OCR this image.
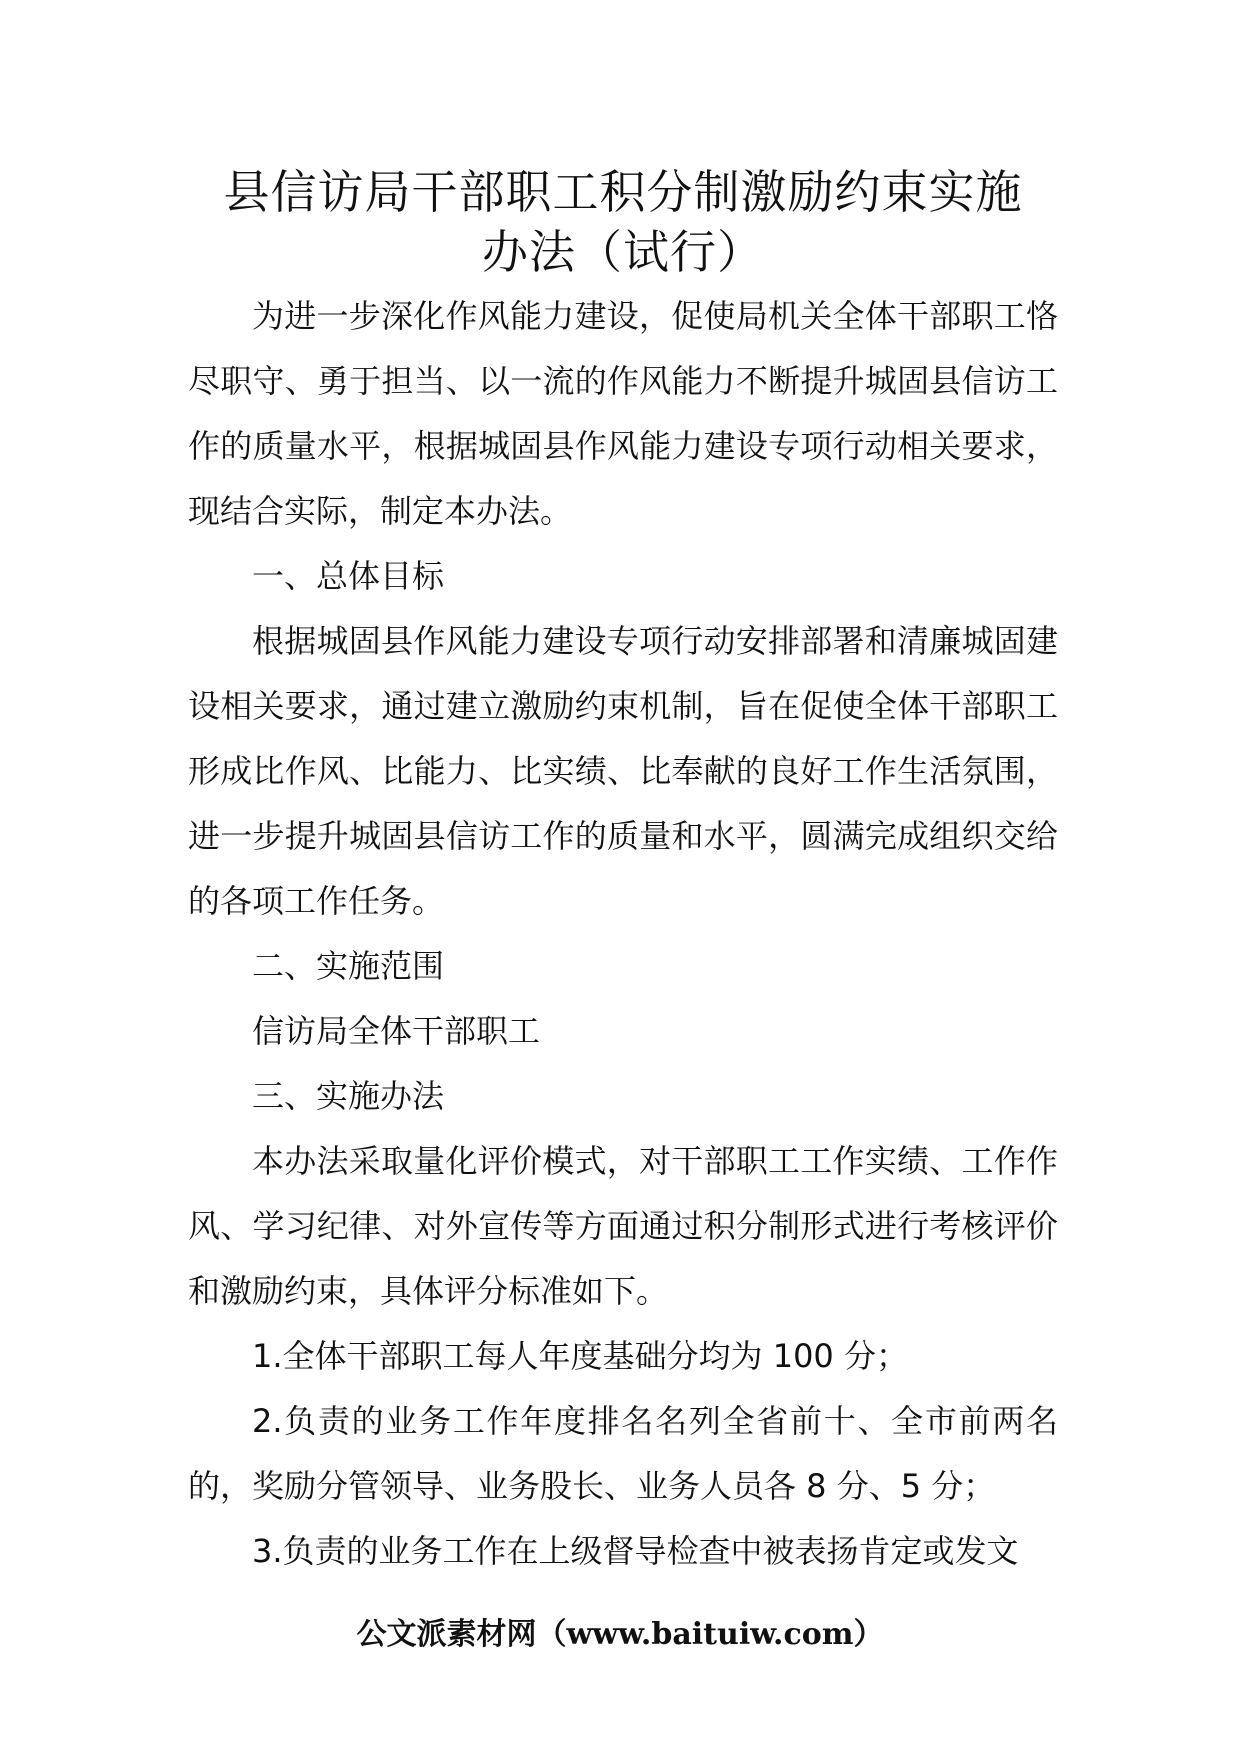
县信访局干部职工积分制激励约束实施
办法（试行）

为进一步深化作风能力建设，促使局机关全体干部职工恪尽职守、勇于担当、以一流的作风能力不断提升城固县信访工作的质量水平，根据城固县作风能力建设专项行动相关要求，现结合实际，制定本办法。

一、总体目标

根据城固县作风能力建设专项行动安排部署和清廉城固建设相关要求，通过建立激励约束机制，旨在促使全体干部职工形成比作风、比能力、比实绩、比奉献的良好工作生活氛围，进一步提升城固县信访工作的质量和水平，圆满完成组织交给的各项工作任务。

二、实施范围

信访局全体干部职工

三、实施办法

本办法采取量化评价模式，对干部职工工作实绩、工作作风、学习纪律、对外宣传等方面通过积分制形式进行考核评价和激励约束，具体评分标准如下。

1.全体干部职工每人年度基础分均为 100 分；

2.负责的业务工作年度排名名列全省前十、全市前两名的，奖励分管领导、业务股长、业务人员各 8 分、5 分；

3.负责的业务工作在上级督导检查中被表扬肯定或发文

公文派素材网（www.baituiw.com）
